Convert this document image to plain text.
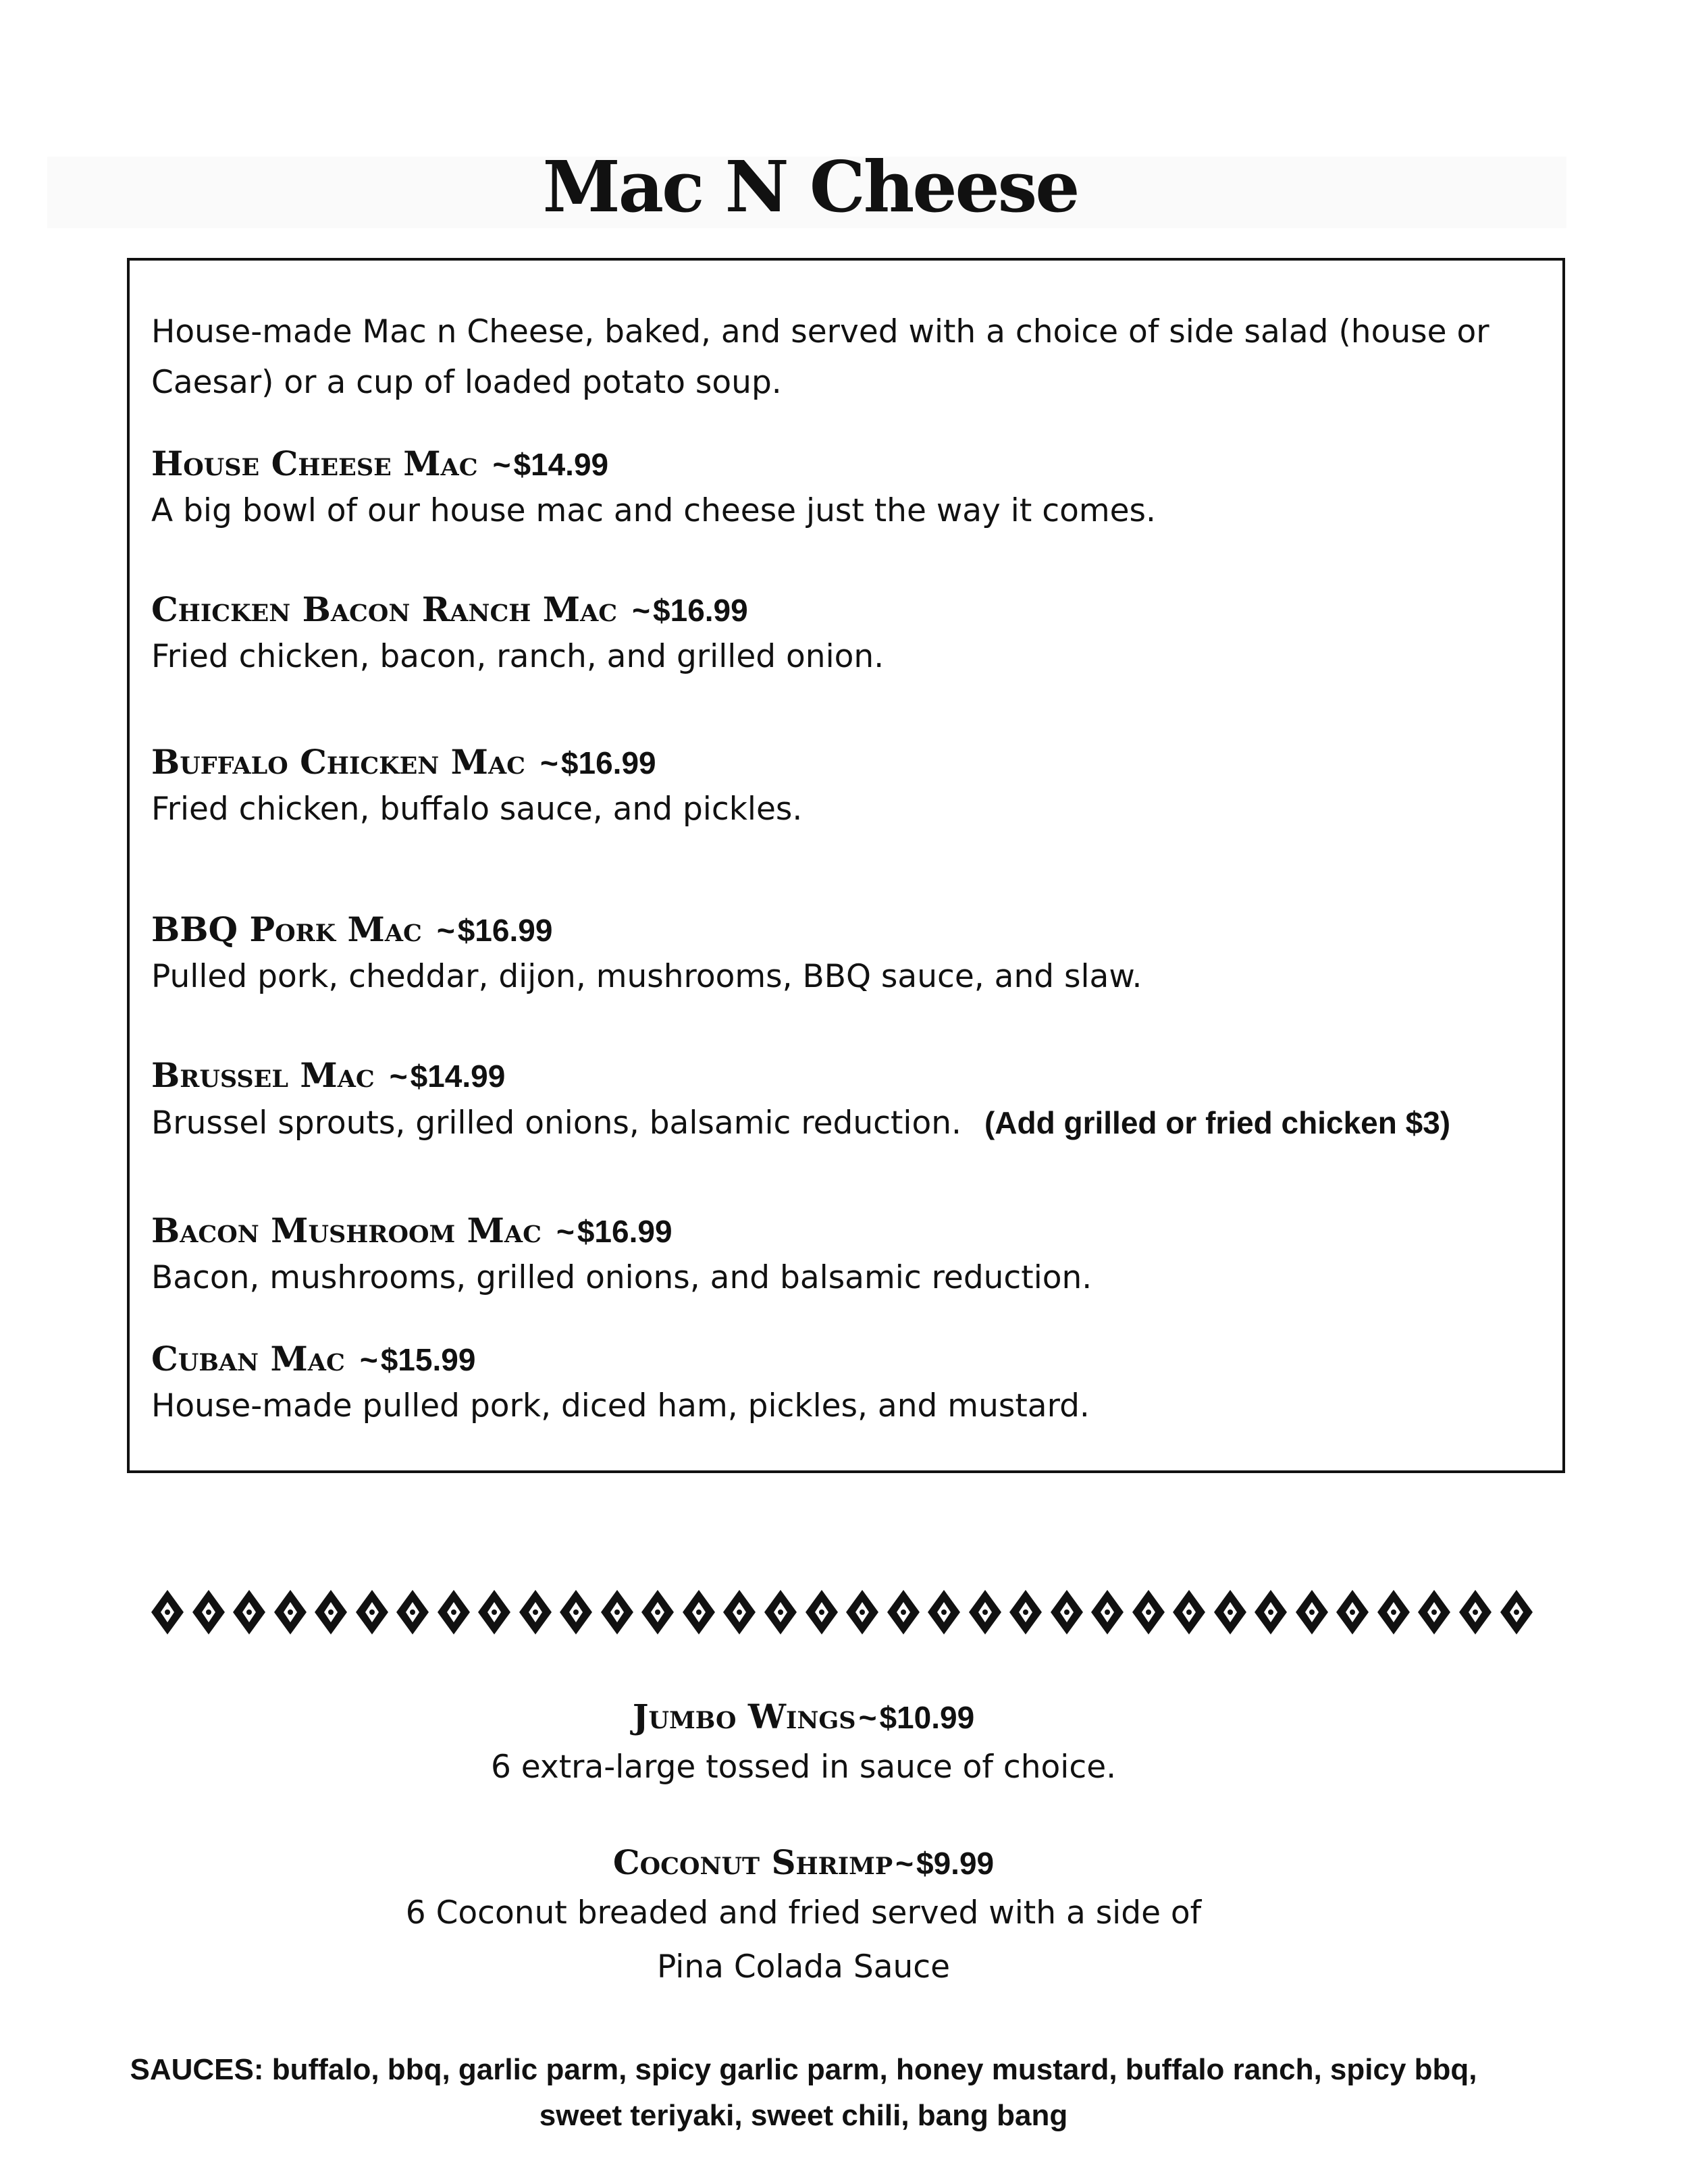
Mac N Cheese

House-made Mac n Cheese, baked, and served with a choice of side salad (house or Caesar) or a cup of loaded potato soup.

House Cheese Mac ~ $14.99
A big bowl of our house mac and cheese just the way it comes.
Chicken Bacon Ranch Mac ~ $16.99
Fried chicken, bacon, ranch, and grilled onion.
Buffalo Chicken Mac ~ $16.99
Fried chicken, buffalo sauce, and pickles.
BBQ Pork Mac ~ $16.99
Pulled pork, cheddar, dijon, mushrooms, BBQ sauce, and slaw.
Brussel Mac ~ $14.99
Brussel sprouts, grilled onions, balsamic reduction. (Add grilled or fried chicken $3)
Bacon Mushroom Mac ~ $16.99
Bacon, mushrooms, grilled onions, and balsamic reduction.
Cuban Mac ~ $15.99
House-made pulled pork, diced ham, pickles, and mustard.
Jumbo Wings ~ $10.99
6 extra-large tossed in sauce of choice.
Coconut Shrimp ~ $9.99
6 Coconut breaded and fried served with a side of
Pina Colada Sauce
SAUCES: buffalo, bbq, garlic parm, spicy garlic parm, honey mustard, buffalo ranch, spicy bbq,
sweet teriyaki, sweet chili, bang bang
